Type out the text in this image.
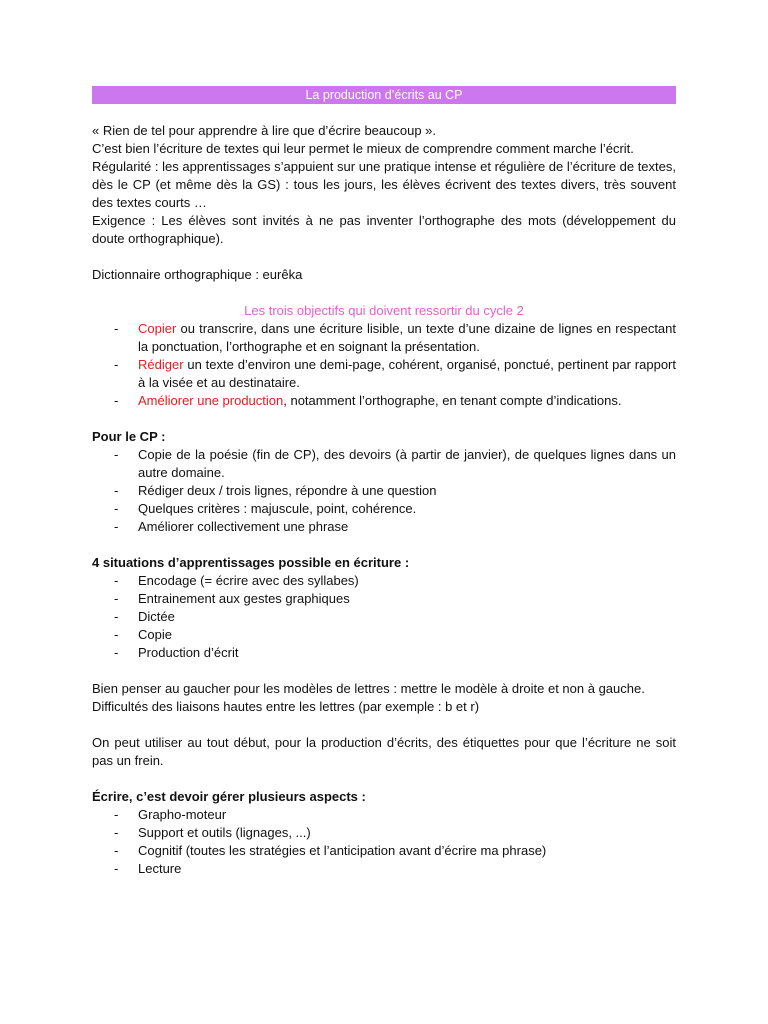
La production d’écrits au CP

« Rien de tel pour apprendre à lire que d’écrire beaucoup ».

C’est bien l’écriture de textes qui leur permet le mieux de comprendre comment marche l’écrit.

Régularité : les apprentissages s’appuient sur une pratique intense et régulière de l’écriture de textes, dès le CP (et même dès la GS) : tous les jours, les élèves écrivent des textes divers, très souvent des textes courts …

Exigence : Les élèves sont invités à ne pas inventer l’orthographe des mots (développement du doute orthographique).

Dictionnaire orthographique : eurêka

Les trois objectifs qui doivent ressortir du cycle 2

- Copier ou transcrire, dans une écriture lisible, un texte d’une dizaine de lignes en respectant la ponctuation, l’orthographe et en soignant la présentation.
- Rédiger un texte d’environ une demi-page, cohérent, organisé, ponctué, pertinent par rapport à la visée et au destinataire.
- Améliorer une production, notamment l’orthographe, en tenant compte d’indications.

Pour le CP :

- Copie de la poésie (fin de CP), des devoirs (à partir de janvier), de quelques lignes dans un autre domaine.
- Rédiger deux / trois lignes, répondre à une question
- Quelques critères : majuscule, point, cohérence.
- Améliorer collectivement une phrase

4 situations d’apprentissages possible en écriture :

- Encodage (= écrire avec des syllabes)
- Entrainement aux gestes graphiques
- Dictée
- Copie
- Production d’écrit

Bien penser au gaucher pour les modèles de lettres : mettre le modèle à droite et non à gauche.

Difficultés des liaisons hautes entre les lettres (par exemple : b et r)

On peut utiliser au tout début, pour la production d’écrits, des étiquettes pour que l’écriture ne soit pas un frein.

Écrire, c’est devoir gérer plusieurs aspects :

- Grapho-moteur
- Support et outils (lignages, ...)
- Cognitif (toutes les stratégies et l’anticipation avant d’écrire ma phrase)
- Lecture
